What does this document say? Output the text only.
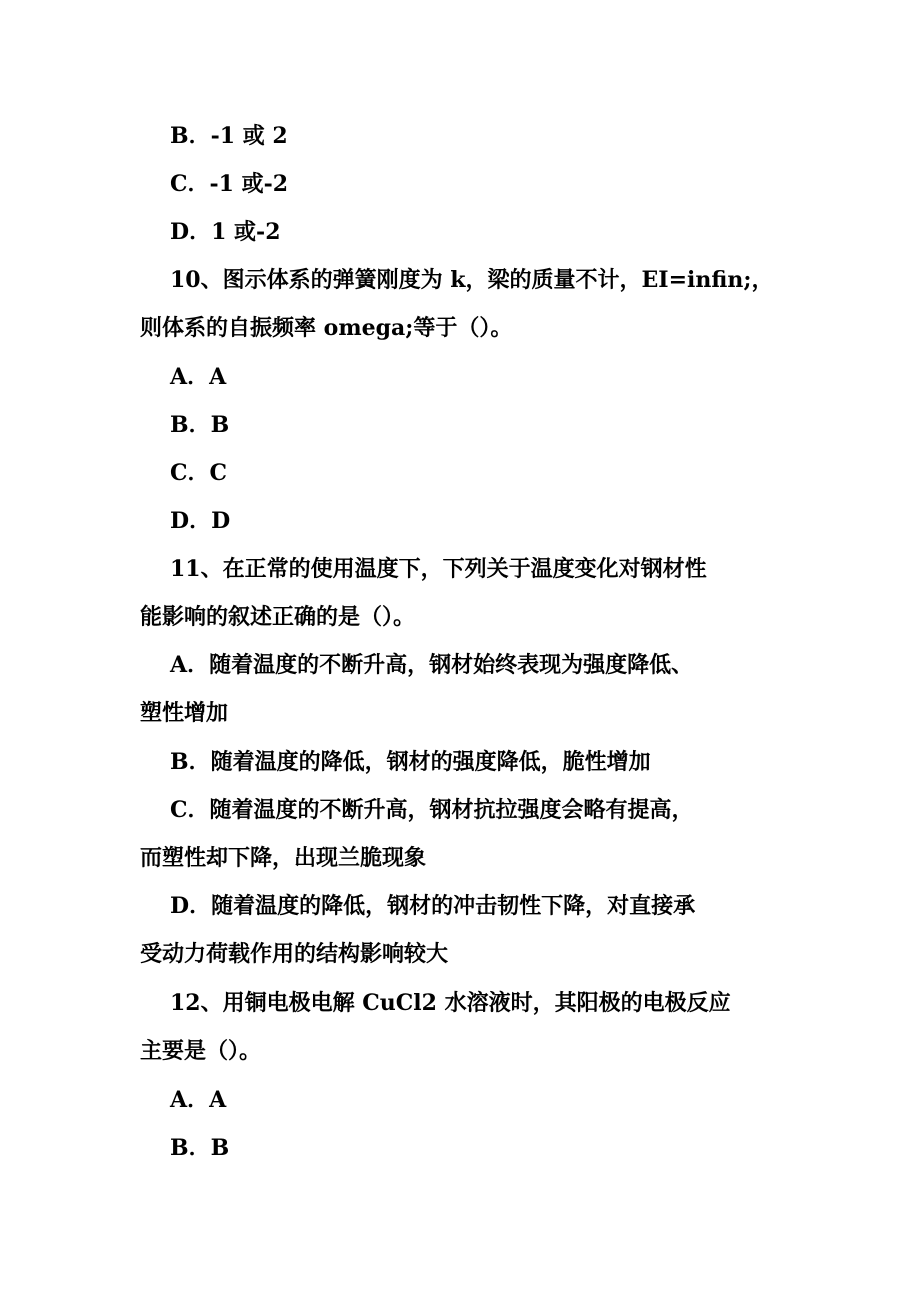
B．-1 或 2
C．-1 或-2
D．1 或-2
10、图示体系的弹簧刚度为 k，梁的质量不计，EI=infin;，
则体系的自振频率 omega;等于（）。
A．A
B．B
C．C
D．D
11、在正常的使用温度下，下列关于温度变化对钢材性
能影响的叙述正确的是（）。
A．随着温度的不断升高，钢材始终表现为强度降低、
塑性增加
B．随着温度的降低，钢材的强度降低，脆性增加
C．随着温度的不断升高，钢材抗拉强度会略有提高，
而塑性却下降，出现兰脆现象
D．随着温度的降低，钢材的冲击韧性下降，对直接承
受动力荷载作用的结构影响较大
12、用铜电极电解 CuCl2 水溶液时，其阳极的电极反应
主要是（）。
A．A
B．B
